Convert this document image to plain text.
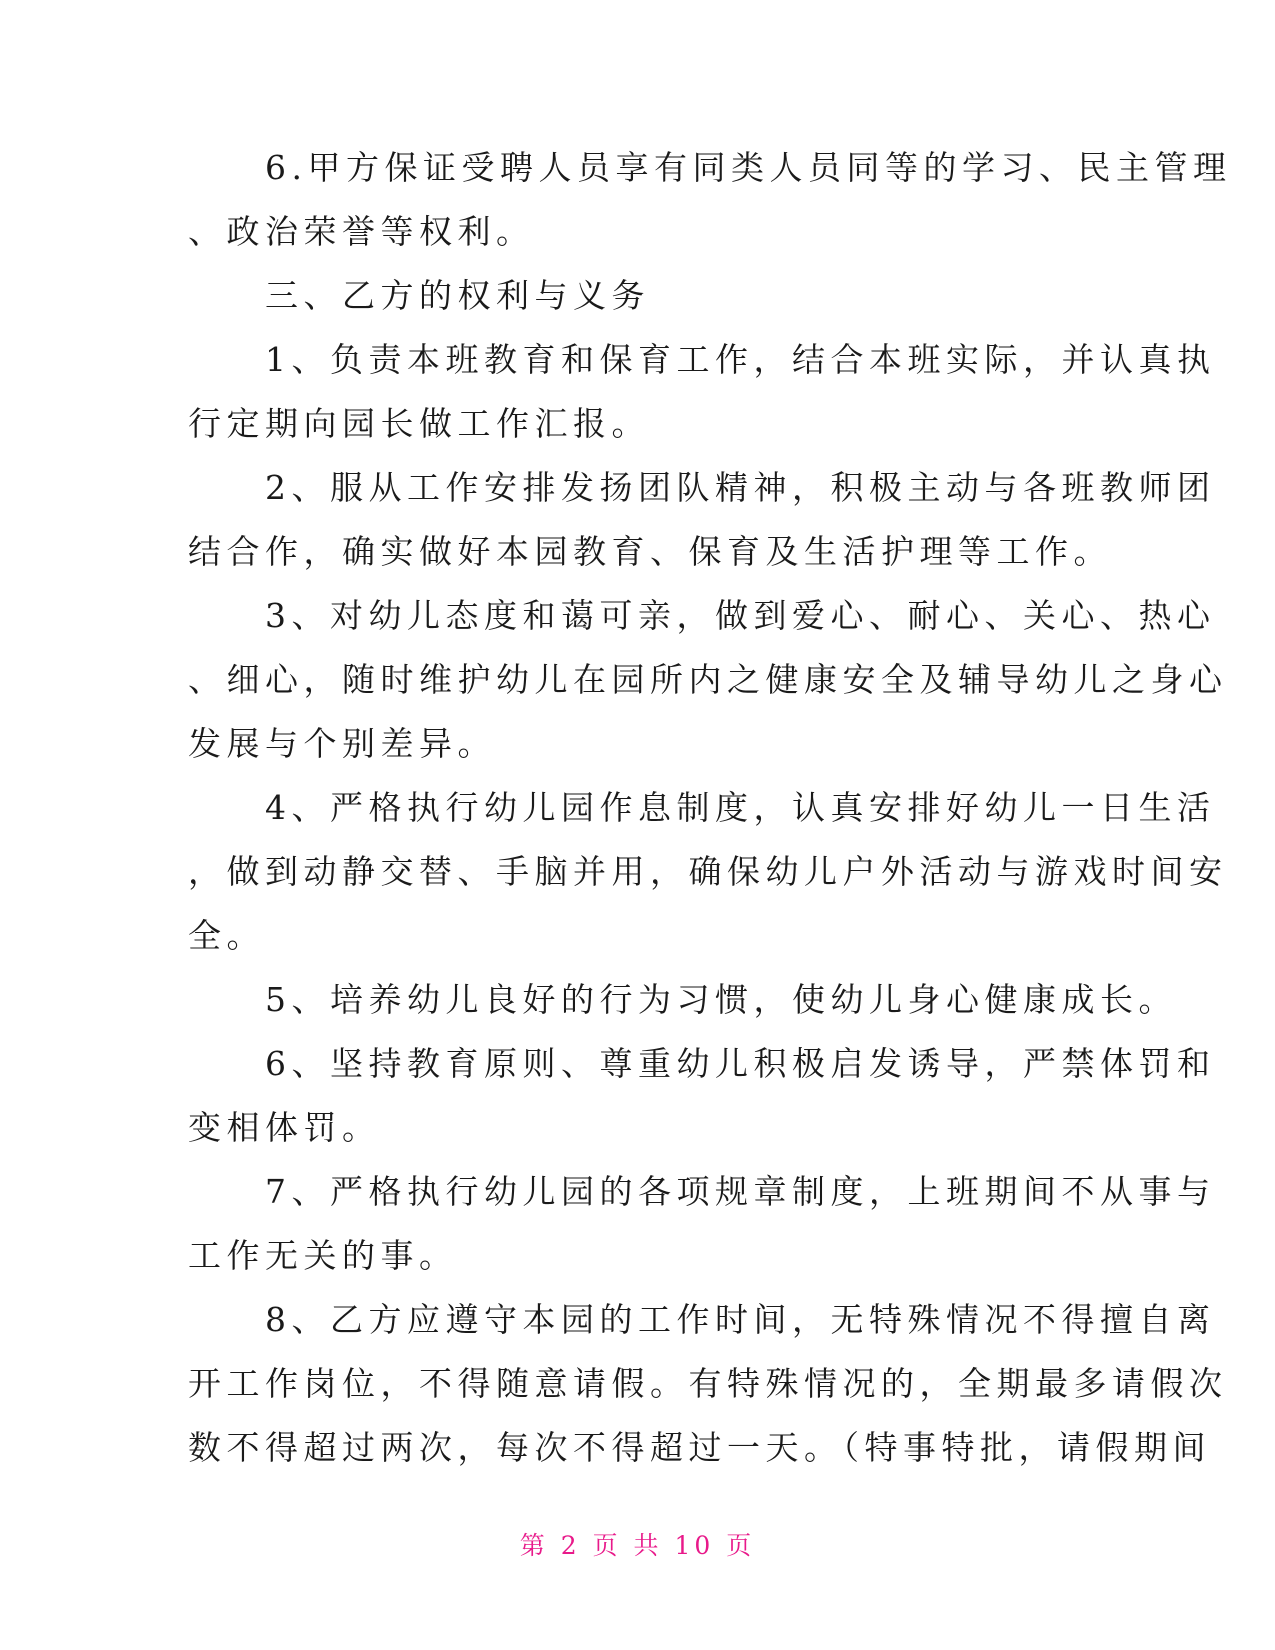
　　6.甲方保证受聘人员享有同类人员同等的学习、民主管理
、政治荣誉等权利。
　　三、乙方的权利与义务
　　1、负责本班教育和保育工作，结合本班实际，并认真执
行定期向园长做工作汇报。
　　2、服从工作安排发扬团队精神，积极主动与各班教师团
结合作，确实做好本园教育、保育及生活护理等工作。
　　3、对幼儿态度和蔼可亲，做到爱心、耐心、关心、热心
、细心，随时维护幼儿在园所内之健康安全及辅导幼儿之身心
发展与个别差异。
　　4、严格执行幼儿园作息制度，认真安排好幼儿一日生活
，做到动静交替、手脑并用，确保幼儿户外活动与游戏时间安
全。
　　5、培养幼儿良好的行为习惯，使幼儿身心健康成长。
　　6、坚持教育原则、尊重幼儿积极启发诱导，严禁体罚和
变相体罚。
　　7、严格执行幼儿园的各项规章制度，上班期间不从事与
工作无关的事。
　　8、乙方应遵守本园的工作时间，无特殊情况不得擅自离
开工作岗位，不得随意请假。有特殊情况的，全期最多请假次
数不得超过两次，每次不得超过一天。（特事特批，请假期间
第 2 页 共 10 页
